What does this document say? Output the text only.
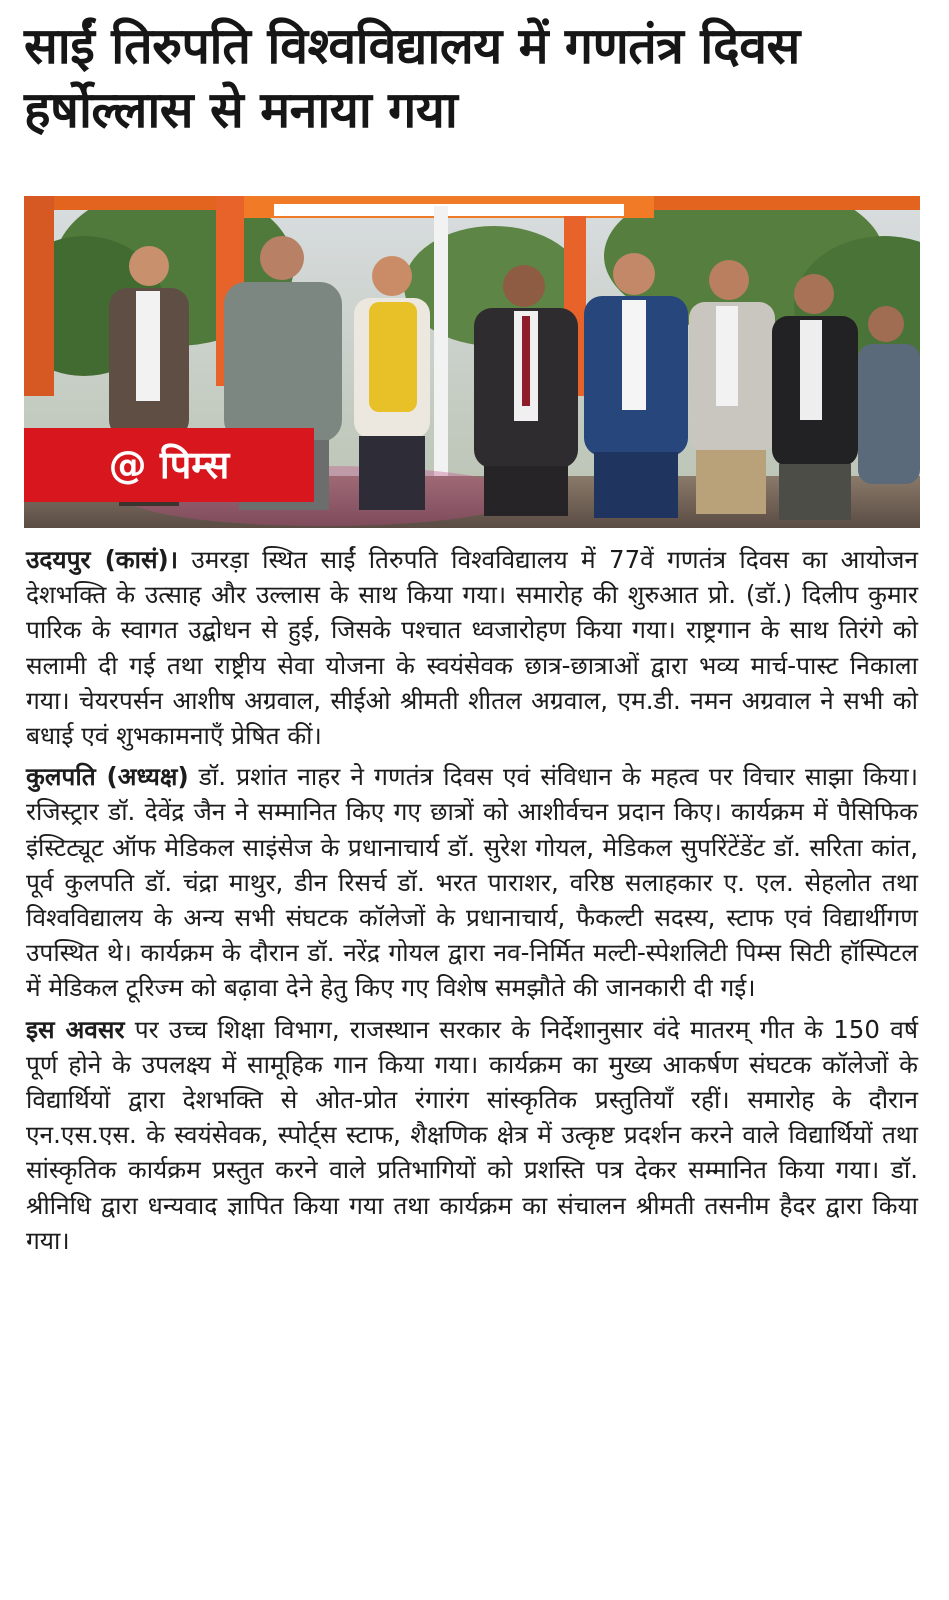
साईं तिरुपति विश्वविद्यालय में गणतंत्र दिवस हर्षोल्लास से मनाया गया
@ पिम्स

उदयपुर (कासं)। उमरड़ा स्थित साईं तिरुपति विश्वविद्यालय में 77वें गणतंत्र दिवस का आयोजन देशभक्ति के उत्साह और उल्लास के साथ किया गया। समारोह की शुरुआत प्रो. (डॉ.) दिलीप कुमार पारिक के स्वागत उद्बोधन से हुई, जिसके पश्चात ध्वजारोहण किया गया। राष्ट्रगान के साथ तिरंगे को सलामी दी गई तथा राष्ट्रीय सेवा योजना के स्वयंसेवक छात्र-छात्राओं द्वारा भव्य मार्च-पास्ट निकाला गया। चेयरपर्सन आशीष अग्रवाल, सीईओ श्रीमती शीतल अग्रवाल, एम.डी. नमन अग्रवाल ने सभी को बधाई एवं शुभकामनाएँ प्रेषित कीं।

कुलपति (अध्यक्ष) डॉ. प्रशांत नाहर ने गणतंत्र दिवस एवं संविधान के महत्व पर विचार साझा किया। रजिस्ट्रार डॉ. देवेंद्र जैन ने सम्मानित किए गए छात्रों को आशीर्वचन प्रदान किए। कार्यक्रम में पैसिफिक इंस्टिट्यूट ऑफ मेडिकल साइंसेज के प्रधानाचार्य डॉ. सुरेश गोयल, मेडिकल सुपरिंटेंडेंट डॉ. सरिता कांत, पूर्व कुलपति डॉ. चंद्रा माथुर, डीन रिसर्च डॉ. भरत पाराशर, वरिष्ठ सलाहकार ए. एल. सेहलोत तथा विश्वविद्यालय के अन्य सभी संघटक कॉलेजों के प्रधानाचार्य, फैकल्टी सदस्य, स्टाफ एवं विद्यार्थीगण उपस्थित थे। कार्यक्रम के दौरान डॉ. नरेंद्र गोयल द्वारा नव-निर्मित मल्टी-स्पेशलिटी पिम्स सिटी हॉस्पिटल में मेडिकल टूरिज्म को बढ़ावा देने हेतु किए गए विशेष समझौते की जानकारी दी गई।

इस अवसर पर उच्च शिक्षा विभाग, राजस्थान सरकार के निर्देशानुसार वंदे मातरम् गीत के 150 वर्ष पूर्ण होने के उपलक्ष्य में सामूहिक गान किया गया। कार्यक्रम का मुख्य आकर्षण संघटक कॉलेजों के विद्यार्थियों द्वारा देशभक्ति से ओत-प्रोत रंगारंग सांस्कृतिक प्रस्तुतियाँ रहीं। समारोह के दौरान एन.एस.एस. के स्वयंसेवक, स्पोर्ट्स स्टाफ, शैक्षणिक क्षेत्र में उत्कृष्ट प्रदर्शन करने वाले विद्यार्थियों तथा सांस्कृतिक कार्यक्रम प्रस्तुत करने वाले प्रतिभागियों को प्रशस्ति पत्र देकर सम्मानित किया गया। डॉ. श्रीनिधि द्वारा धन्यवाद ज्ञापित किया गया तथा कार्यक्रम का संचालन श्रीमती तसनीम हैदर द्वारा किया गया।
